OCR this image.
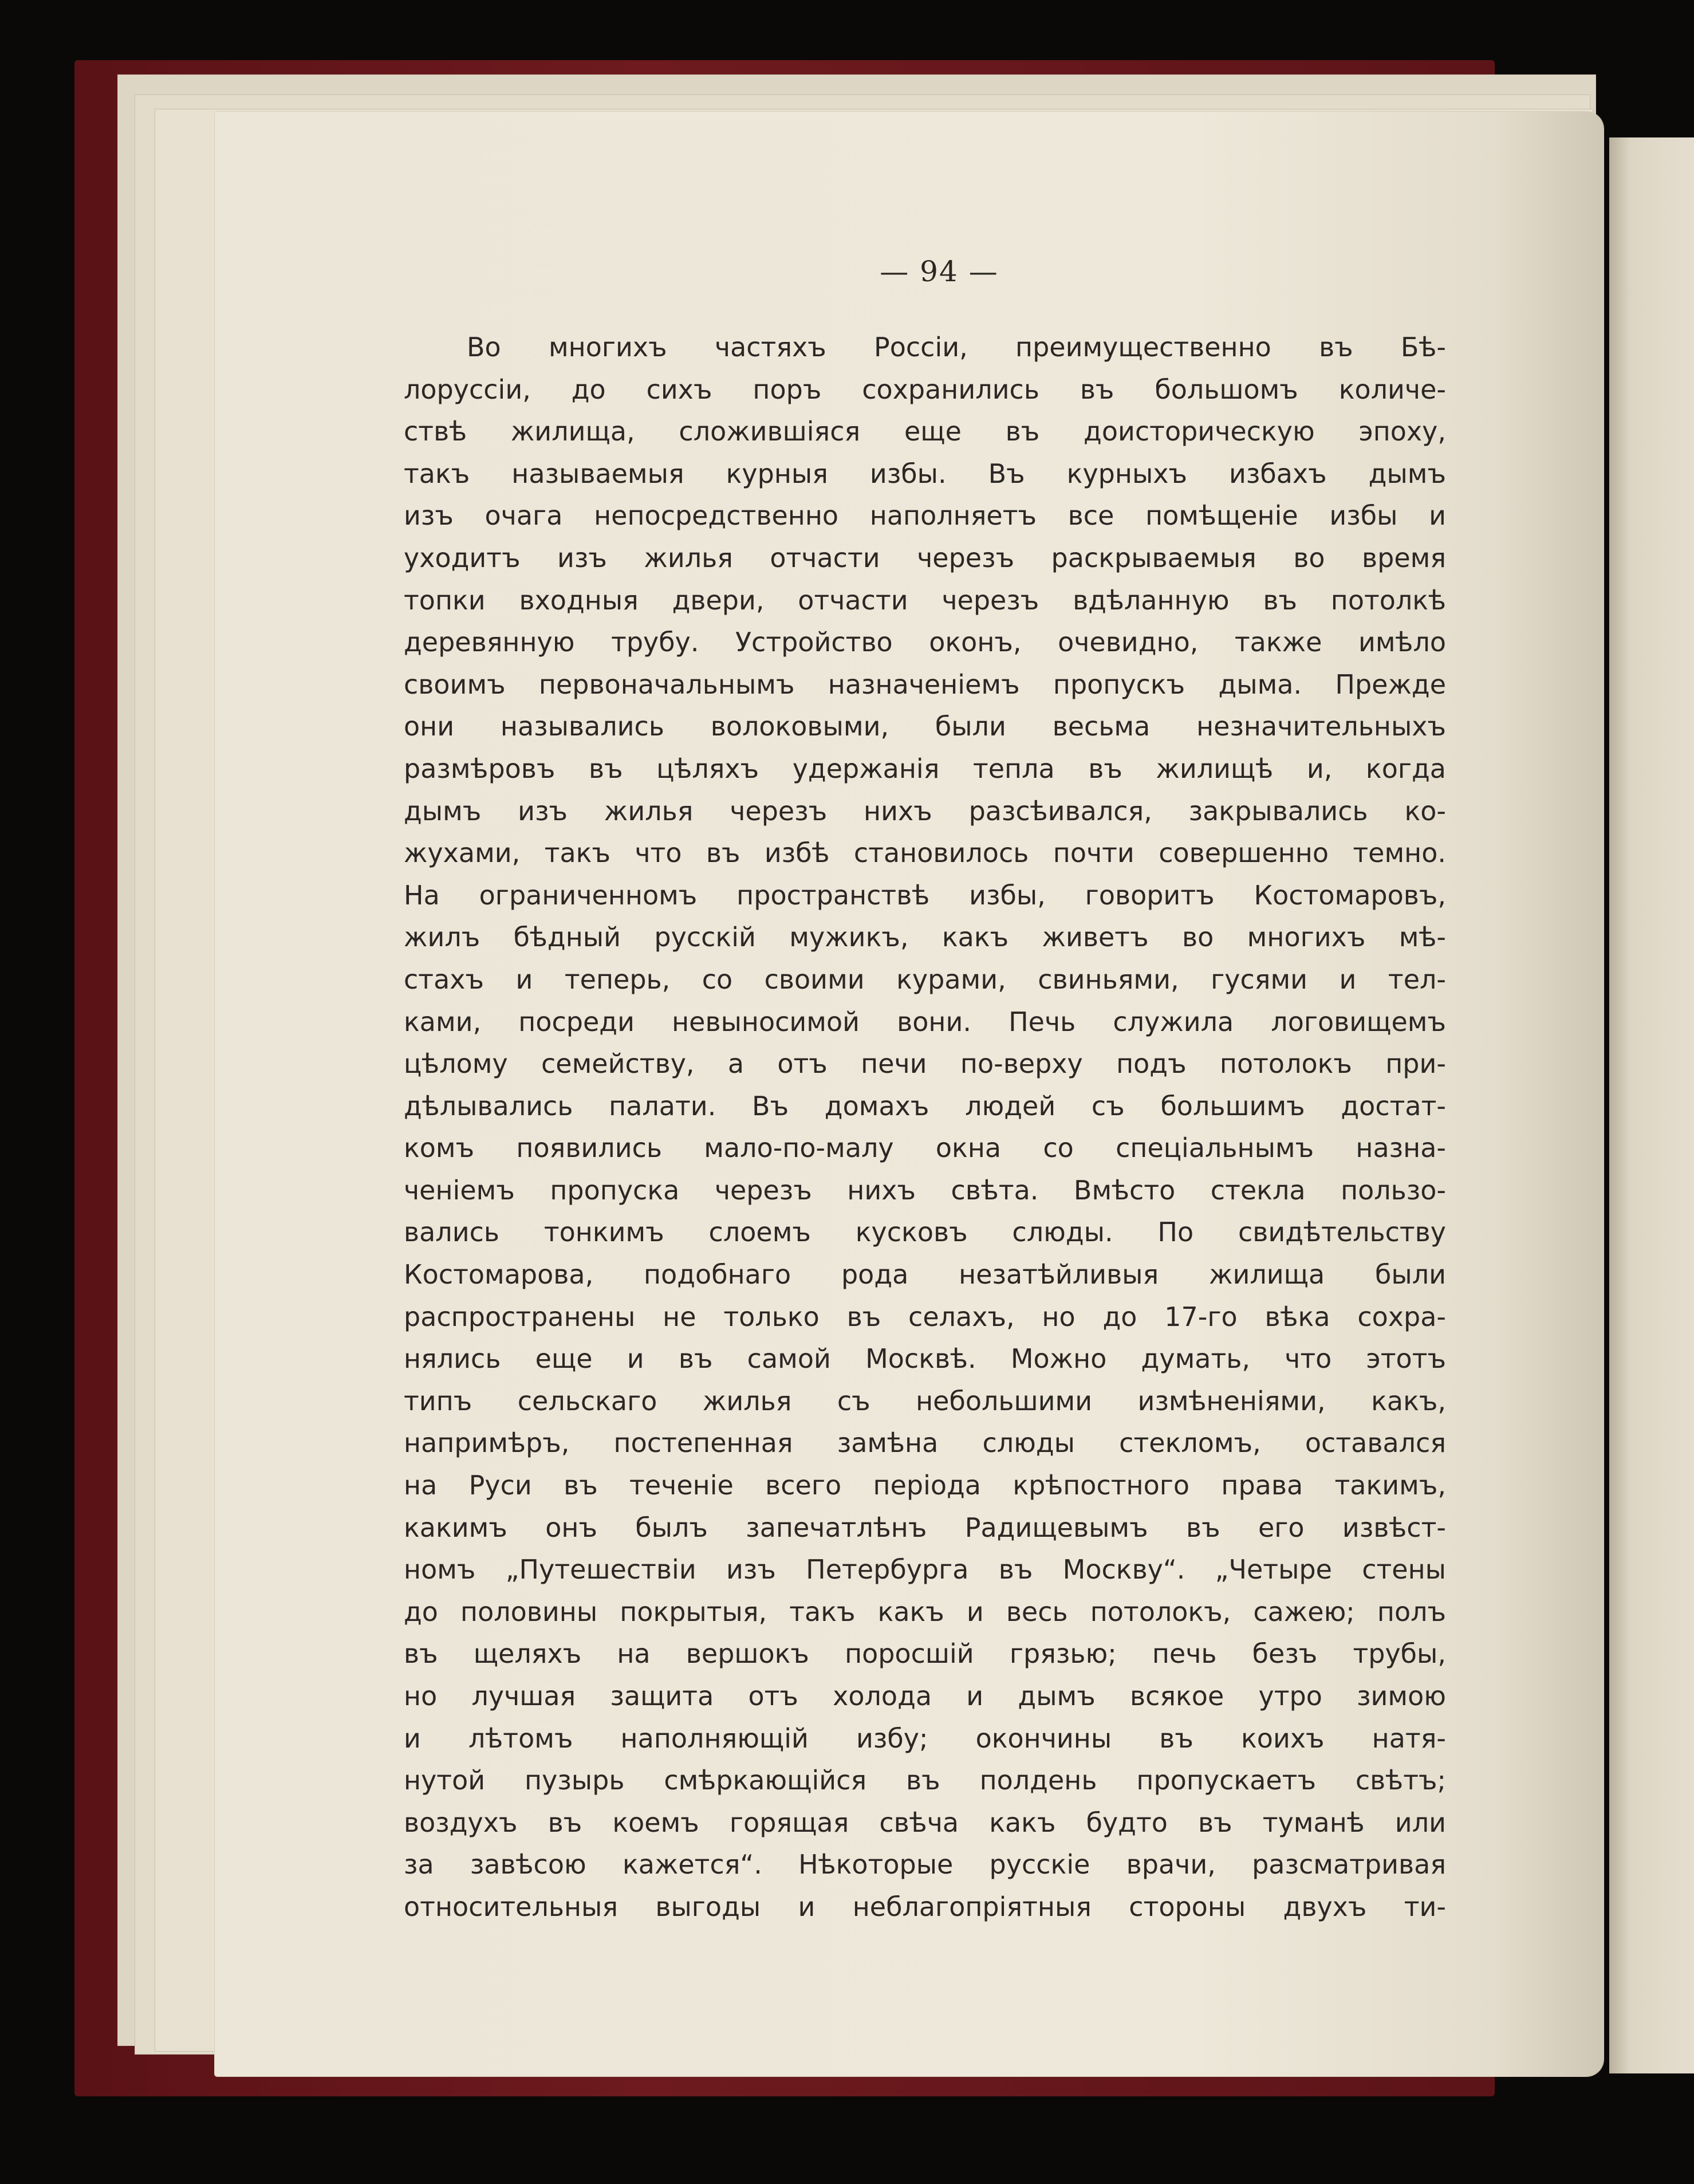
— 94 —
Во многихъ частяхъ Россіи, преимущественно въ Бѣ-
лоруссіи, до сихъ поръ сохранились въ большомъ количе-
ствѣ жилища, сложившіяся еще въ доисторическую эпоху,
такъ называемыя курныя избы. Въ курныхъ избахъ дымъ
изъ очага непосредственно наполняетъ все помѣщеніе избы и
уходитъ изъ жилья отчасти черезъ раскрываемыя во время
топки входныя двери, отчасти черезъ вдѣланную въ потолкѣ
деревянную трубу. Устройство оконъ, очевидно, также имѣло
своимъ первоначальнымъ назначеніемъ пропускъ дыма. Прежде
они назывались волоковыми, были весьма незначительныхъ
размѣровъ въ цѣляхъ удержанія тепла въ жилищѣ и, когда
дымъ изъ жилья черезъ нихъ разсѣивался, закрывались ко-
жухами, такъ что въ избѣ становилось почти совершенно темно.
На ограниченномъ пространствѣ избы, говоритъ Костомаровъ,
жилъ бѣдный русскій мужикъ, какъ живетъ во многихъ мѣ-
стахъ и теперь, со своими курами, свиньями, гусями и тел-
ками, посреди невыносимой вони. Печь служила логовищемъ
цѣлому семейству, а отъ печи по-верху подъ потолокъ при-
дѣлывались палати. Въ домахъ людей съ большимъ достат-
комъ появились мало-по-малу окна со спеціальнымъ назна-
ченіемъ пропуска черезъ нихъ свѣта. Вмѣсто стекла пользо-
вались тонкимъ слоемъ кусковъ слюды. По свидѣтельству
Костомарова, подобнаго рода незатѣйливыя жилища были
распространены не только въ селахъ, но до 17-го вѣка сохра-
нялись еще и въ самой Москвѣ. Можно думать, что этотъ
типъ сельскаго жилья съ небольшими измѣненіями, какъ,
напримѣръ, постепенная замѣна слюды стекломъ, оставался
на Руси въ теченіе всего періода крѣпостного права такимъ,
какимъ онъ былъ запечатлѣнъ Радищевымъ въ его извѣст-
номъ „Путешествіи изъ Петербурга въ Москву“. „Четыре стены
до половины покрытыя, такъ какъ и весь потолокъ, сажею; полъ
въ щеляхъ на вершокъ поросшій грязью; печь безъ трубы,
но лучшая защита отъ холода и дымъ всякое утро зимою
и лѣтомъ наполняющій избу; окончины въ коихъ натя-
нутой пузырь смѣркающійся въ полдень пропускаетъ свѣтъ;
воздухъ въ коемъ горящая свѣча какъ будто въ туманѣ или
за завѣсою кажется“. Нѣкоторые русскіе врачи, разсматривая
относительныя выгоды и неблагопріятныя стороны двухъ ти-
